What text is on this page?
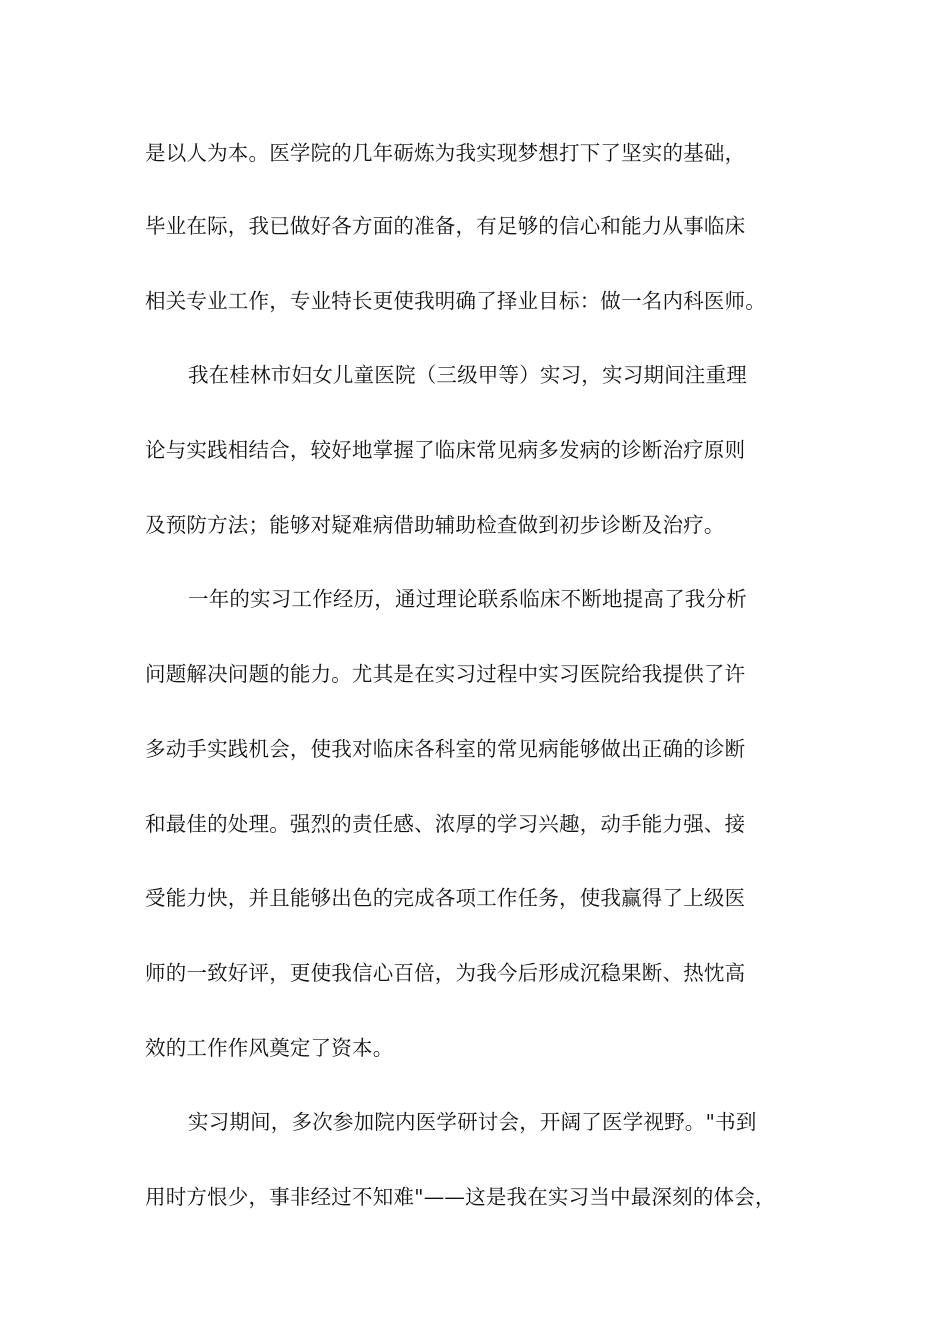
是以人为本。医学院的几年砺炼为我实现梦想打下了坚实的基础，
毕业在际，我已做好各方面的准备，有足够的信心和能力从事临床
相关专业工作，专业特长更使我明确了择业目标：做一名内科医师。
我在桂林市妇女儿童医院（三级甲等）实习，实习期间注重理
论与实践相结合，较好地掌握了临床常见病多发病的诊断治疗原则
及预防方法；能够对疑难病借助辅助检查做到初步诊断及治疗。
一年的实习工作经历，通过理论联系临床不断地提高了我分析
问题解决问题的能力。尤其是在实习过程中实习医院给我提供了许
多动手实践机会，使我对临床各科室的常见病能够做出正确的诊断
和最佳的处理。强烈的责任感、浓厚的学习兴趣，动手能力强、接
受能力快，并且能够出色的完成各项工作任务，使我赢得了上级医
师的一致好评，更使我信心百倍，为我今后形成沉稳果断、热忱高
效的工作作风奠定了资本。
实习期间，多次参加院内医学研讨会，开阔了医学视野。"书到
用时方恨少，事非经过不知难"——这是我在实习当中最深刻的体会，
